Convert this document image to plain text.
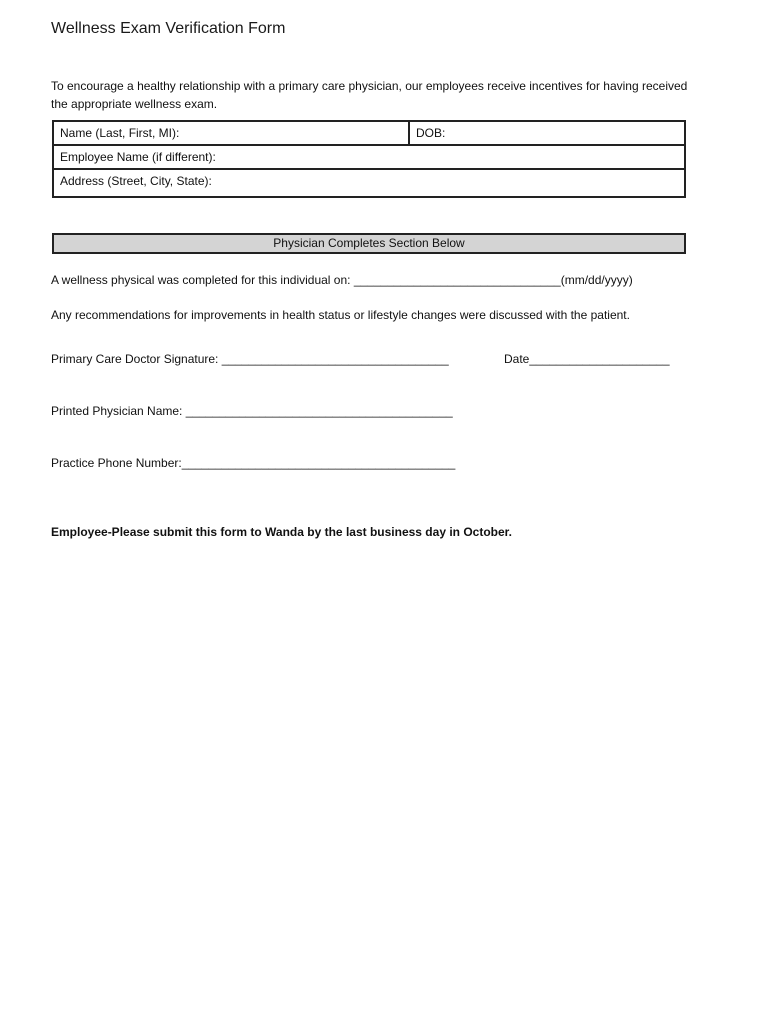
Wellness Exam Verification Form
To encourage a healthy relationship with a primary care physician, our employees receive incentives for having received the appropriate wellness exam.
Name (Last, First, MI):	DOB:
Employee Name (if different):
Address (Street, City, State):
Physician Completes Section Below
A wellness physical was completed for this individual on: _______________________________(mm/dd/yyyy)
Any recommendations for improvements in health status or lifestyle changes were discussed with the patient.
Primary Care Doctor Signature: __________________________________	Date_____________________
Printed Physician Name: ________________________________________
Practice Phone Number:_________________________________________
Employee-Please submit this form to Wanda by the last business day in October.
